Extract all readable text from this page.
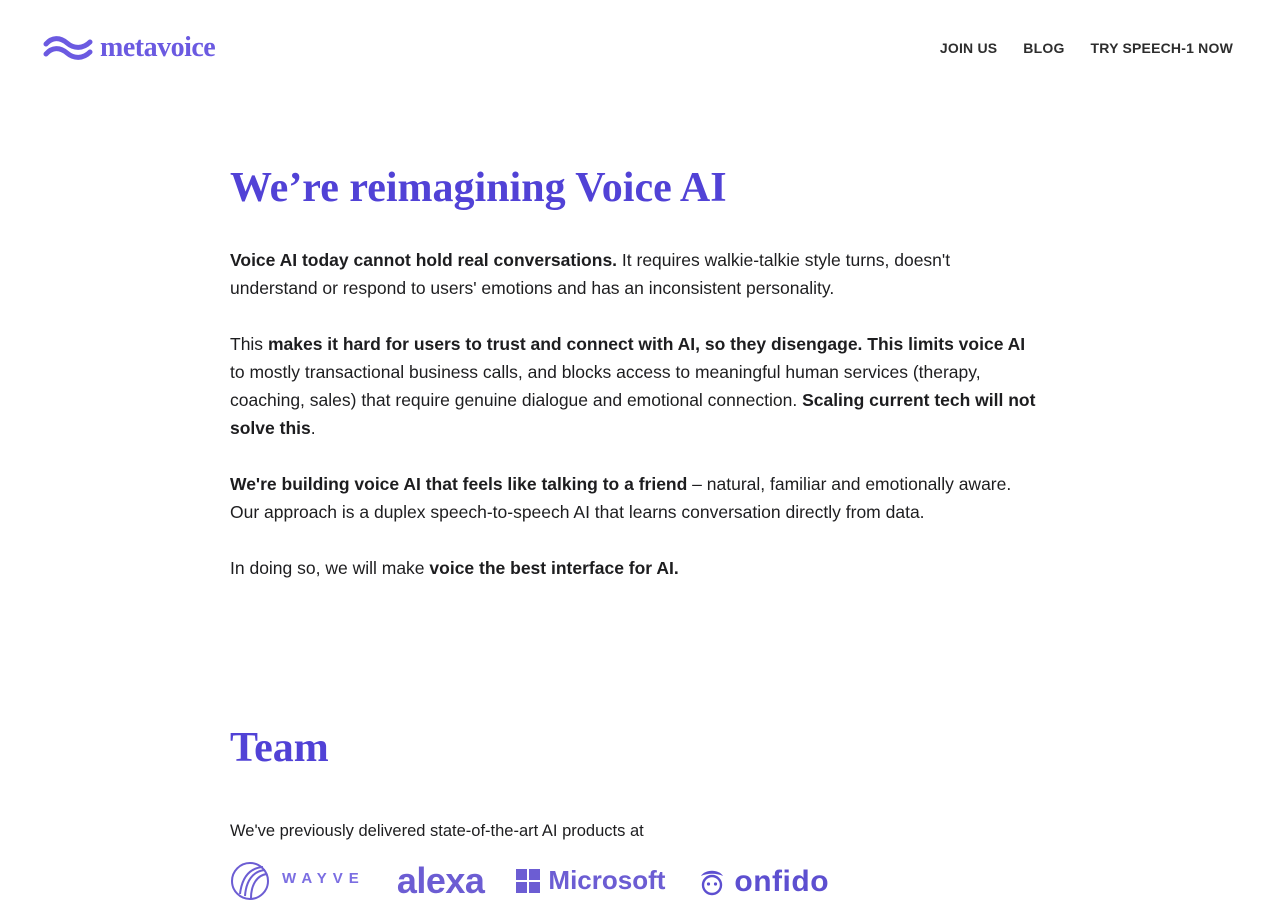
metavoice	JOIN US BLOG TRY SPEECH-1 NOW
We’re reimagining Voice AI

Voice AI today cannot hold real conversations. It requires walkie-talkie style turns, doesn't understand or respond to users' emotions and has an inconsistent personality.

This makes it hard for users to trust and connect with AI, so they disengage. This limits voice AI to mostly transactional business calls, and blocks access to meaningful human services (therapy, coaching, sales) that require genuine dialogue and emotional connection. Scaling current tech will not solve this.

We're building voice AI that feels like talking to a friend – natural, familiar and emotionally aware. Our approach is a duplex speech-to-speech AI that learns conversation directly from data.

In doing so, we will make voice the best interface for AI.

Team

We've previously delivered state-of-the-art AI products at

WAYVE alexa Microsoft onfido
